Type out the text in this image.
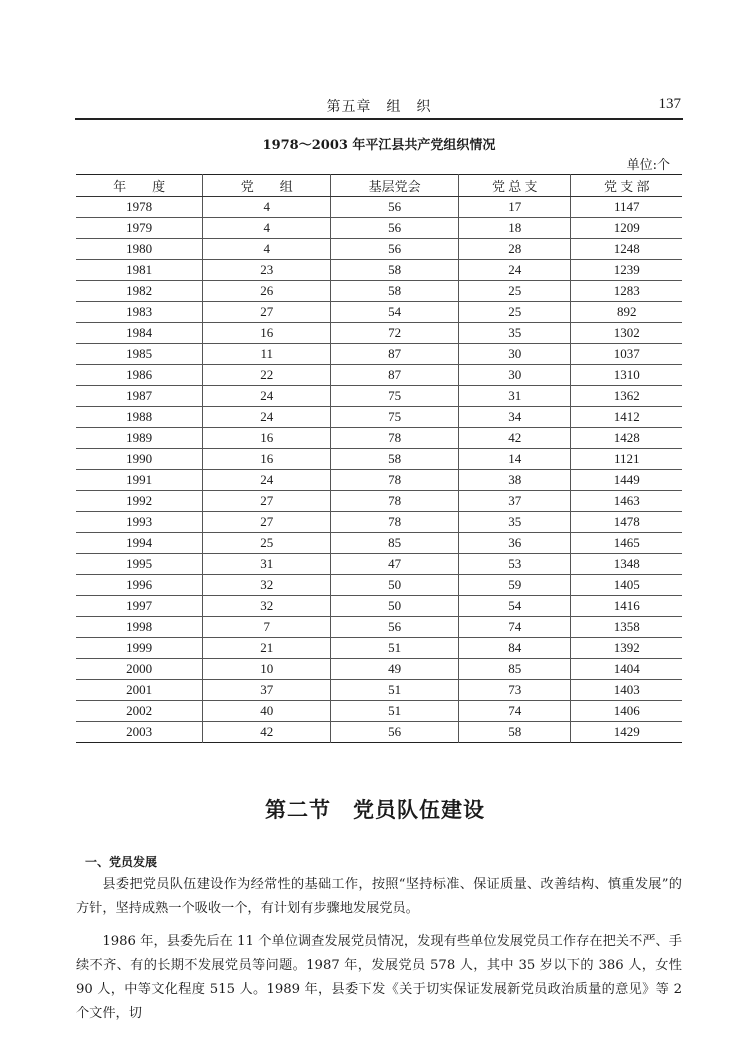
第五章　组　织	137
1978～2003 年平江县共产党组织情况
单位:个
年　　度	党　　组	基层党会	党 总 支	党 支 部
1978	4	56	17	1147
1979	4	56	18	1209
1980	4	56	28	1248
1981	23	58	24	1239
1982	26	58	25	1283
1983	27	54	25	892
1984	16	72	35	1302
1985	11	87	30	1037
1986	22	87	30	1310
1987	24	75	31	1362
1988	24	75	34	1412
1989	16	78	42	1428
1990	16	58	14	1121
1991	24	78	38	1449
1992	27	78	37	1463
1993	27	78	35	1478
1994	25	85	36	1465
1995	31	47	53	1348
1996	32	50	59	1405
1997	32	50	54	1416
1998	7	56	74	1358
1999	21	51	84	1392
2000	10	49	85	1404
2001	37	51	73	1403
2002	40	51	74	1406
2003	42	56	58	1429
第二节　党员队伍建设
一、党员发展
县委把党员队伍建设作为经常性的基础工作，按照“坚持标准、保证质量、改善结构、慎重发展”的方针，坚持成熟一个吸收一个，有计划有步骤地发展党员。
1986 年，县委先后在 11 个单位调查发展党员情况，发现有些单位发展党员工作存在把关不严、手续不齐、有的长期不发展党员等问题。1987 年，发展党员 578 人，其中 35 岁以下的 386 人，女性 90 人，中等文化程度 515 人。1989 年，县委下发《关于切实保证发展新党员政治质量的意见》等 2 个文件，切
